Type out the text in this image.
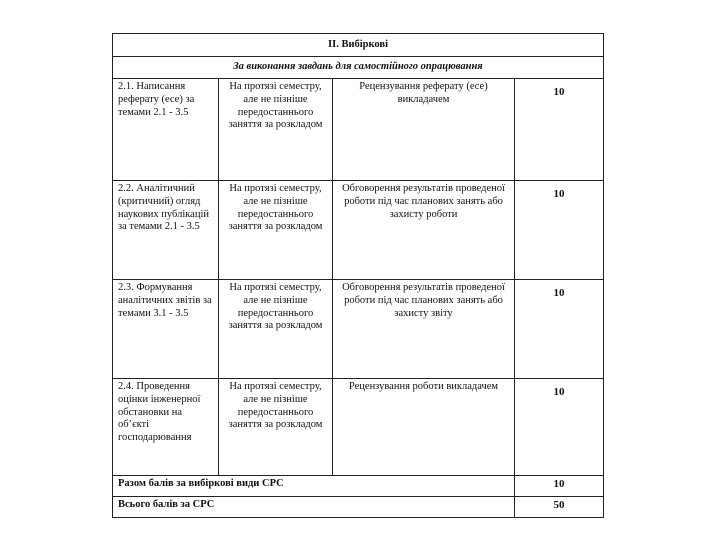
ІІ. Вибіркові			
За виконання завдань для самостійного опрацювання			
2.1. Написання реферату (есе) за темами 2.1 - 3.5	На протязі семестру, але не пізніше передостаннього заняття за розкладом	Рецензування реферату (есе) викладачем	10
2.2. Аналітичний (критичний) огляд наукових публікацій за темами 2.1 - 3.5	На протязі семестру, але не пізніше передостаннього заняття за розкладом	Обговорення результатів проведеної роботи під час планових занять або захисту роботи	10
2.3. Формування аналітичних звітів за темами 3.1 - 3.5	На протязі семестру, але не пізніше передостаннього заняття за розкладом	Обговорення результатів проведеної роботи під час планових занять або захисту звіту	10
2.4. Проведення оцінки інженерної обстановки на об’єкті господарювання	На протязі семестру, але не пізніше передостаннього заняття за розкладом	Рецензування роботи викладачем	10
Разом балів за вибіркові види СРС			10
Всього балів за СРС			50
